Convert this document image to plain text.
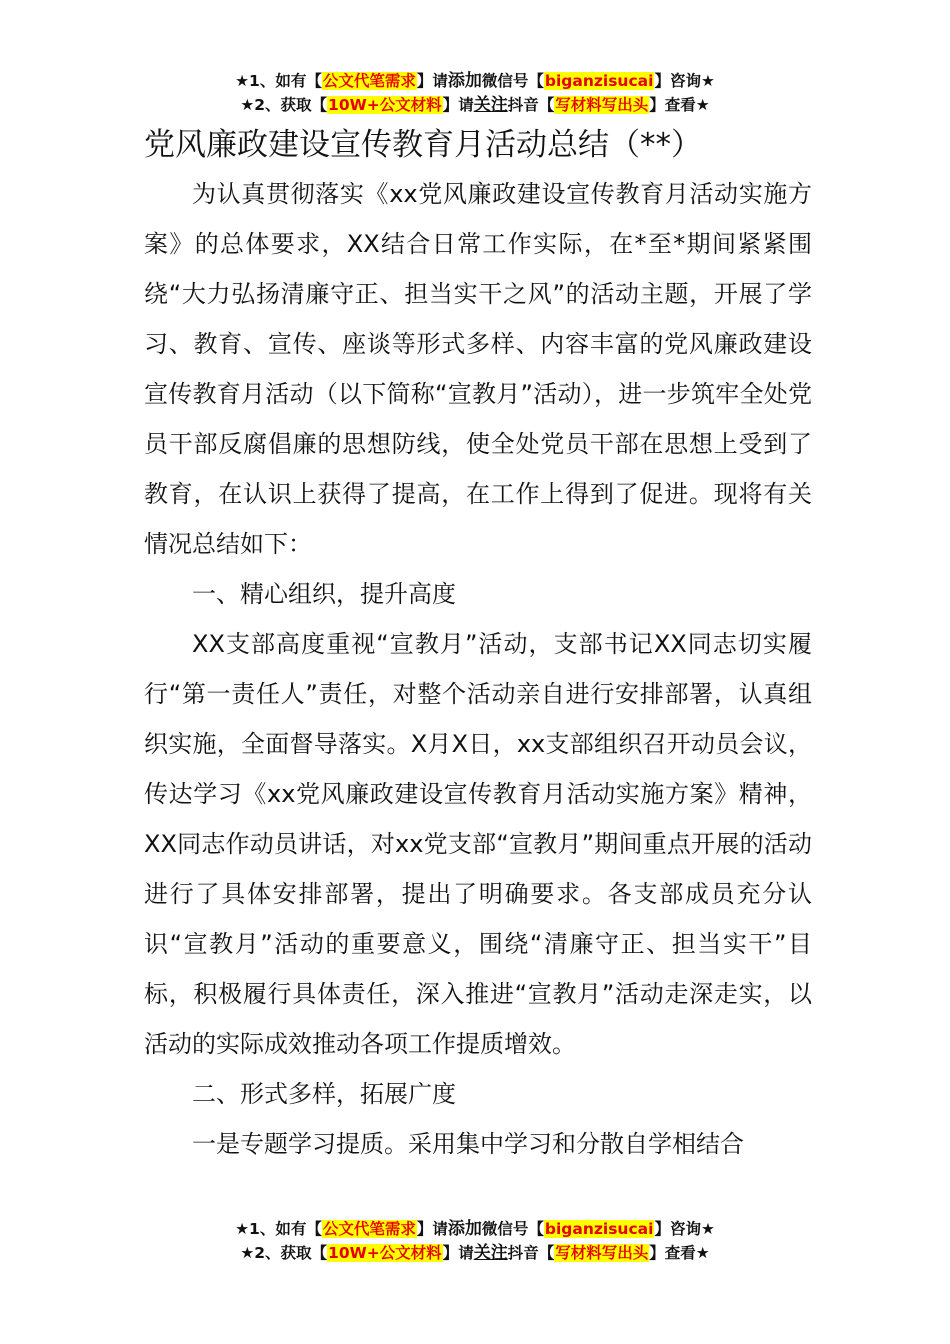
★1、如有【公文代笔需求】请添加微信号【biganzisucai】咨询★
★2、获取【10W+公文材料】请关注抖音【写材料写出头】查看★
党风廉政建设宣传教育月活动总结（**）

为认真贯彻落实《xx党风廉政建设宣传教育月活动实施方案》的总体要求，XX结合日常工作实际，在*至*期间紧紧围绕“大力弘扬清廉守正、担当实干之风”的活动主题，开展了学习、教育、宣传、座谈等形式多样、内容丰富的党风廉政建设宣传教育月活动（以下简称“宣教月”活动），进一步筑牢全处党员干部反腐倡廉的思想防线，使全处党员干部在思想上受到了教育，在认识上获得了提高，在工作上得到了促进。现将有关情况总结如下：

一、精心组织，提升高度

XX支部高度重视“宣教月”活动，支部书记XX同志切实履行“第一责任人”责任，对整个活动亲自进行安排部署，认真组织实施，全面督导落实。X月X日，xx支部组织召开动员会议，传达学习《xx党风廉政建设宣传教育月活动实施方案》精神，XX同志作动员讲话，对xx党支部“宣教月”期间重点开展的活动进行了具体安排部署，提出了明确要求。各支部成员充分认识“宣教月”活动的重要意义，围绕“清廉守正、担当实干”目标，积极履行具体责任，深入推进“宣教月”活动走深走实，以活动的实际成效推动各项工作提质增效。

二、形式多样，拓展广度

一是专题学习提质。采用集中学习和分散自学相结合

★1、如有【公文代笔需求】请添加微信号【biganzisucai】咨询★
★2、获取【10W+公文材料】请关注抖音【写材料写出头】查看★
